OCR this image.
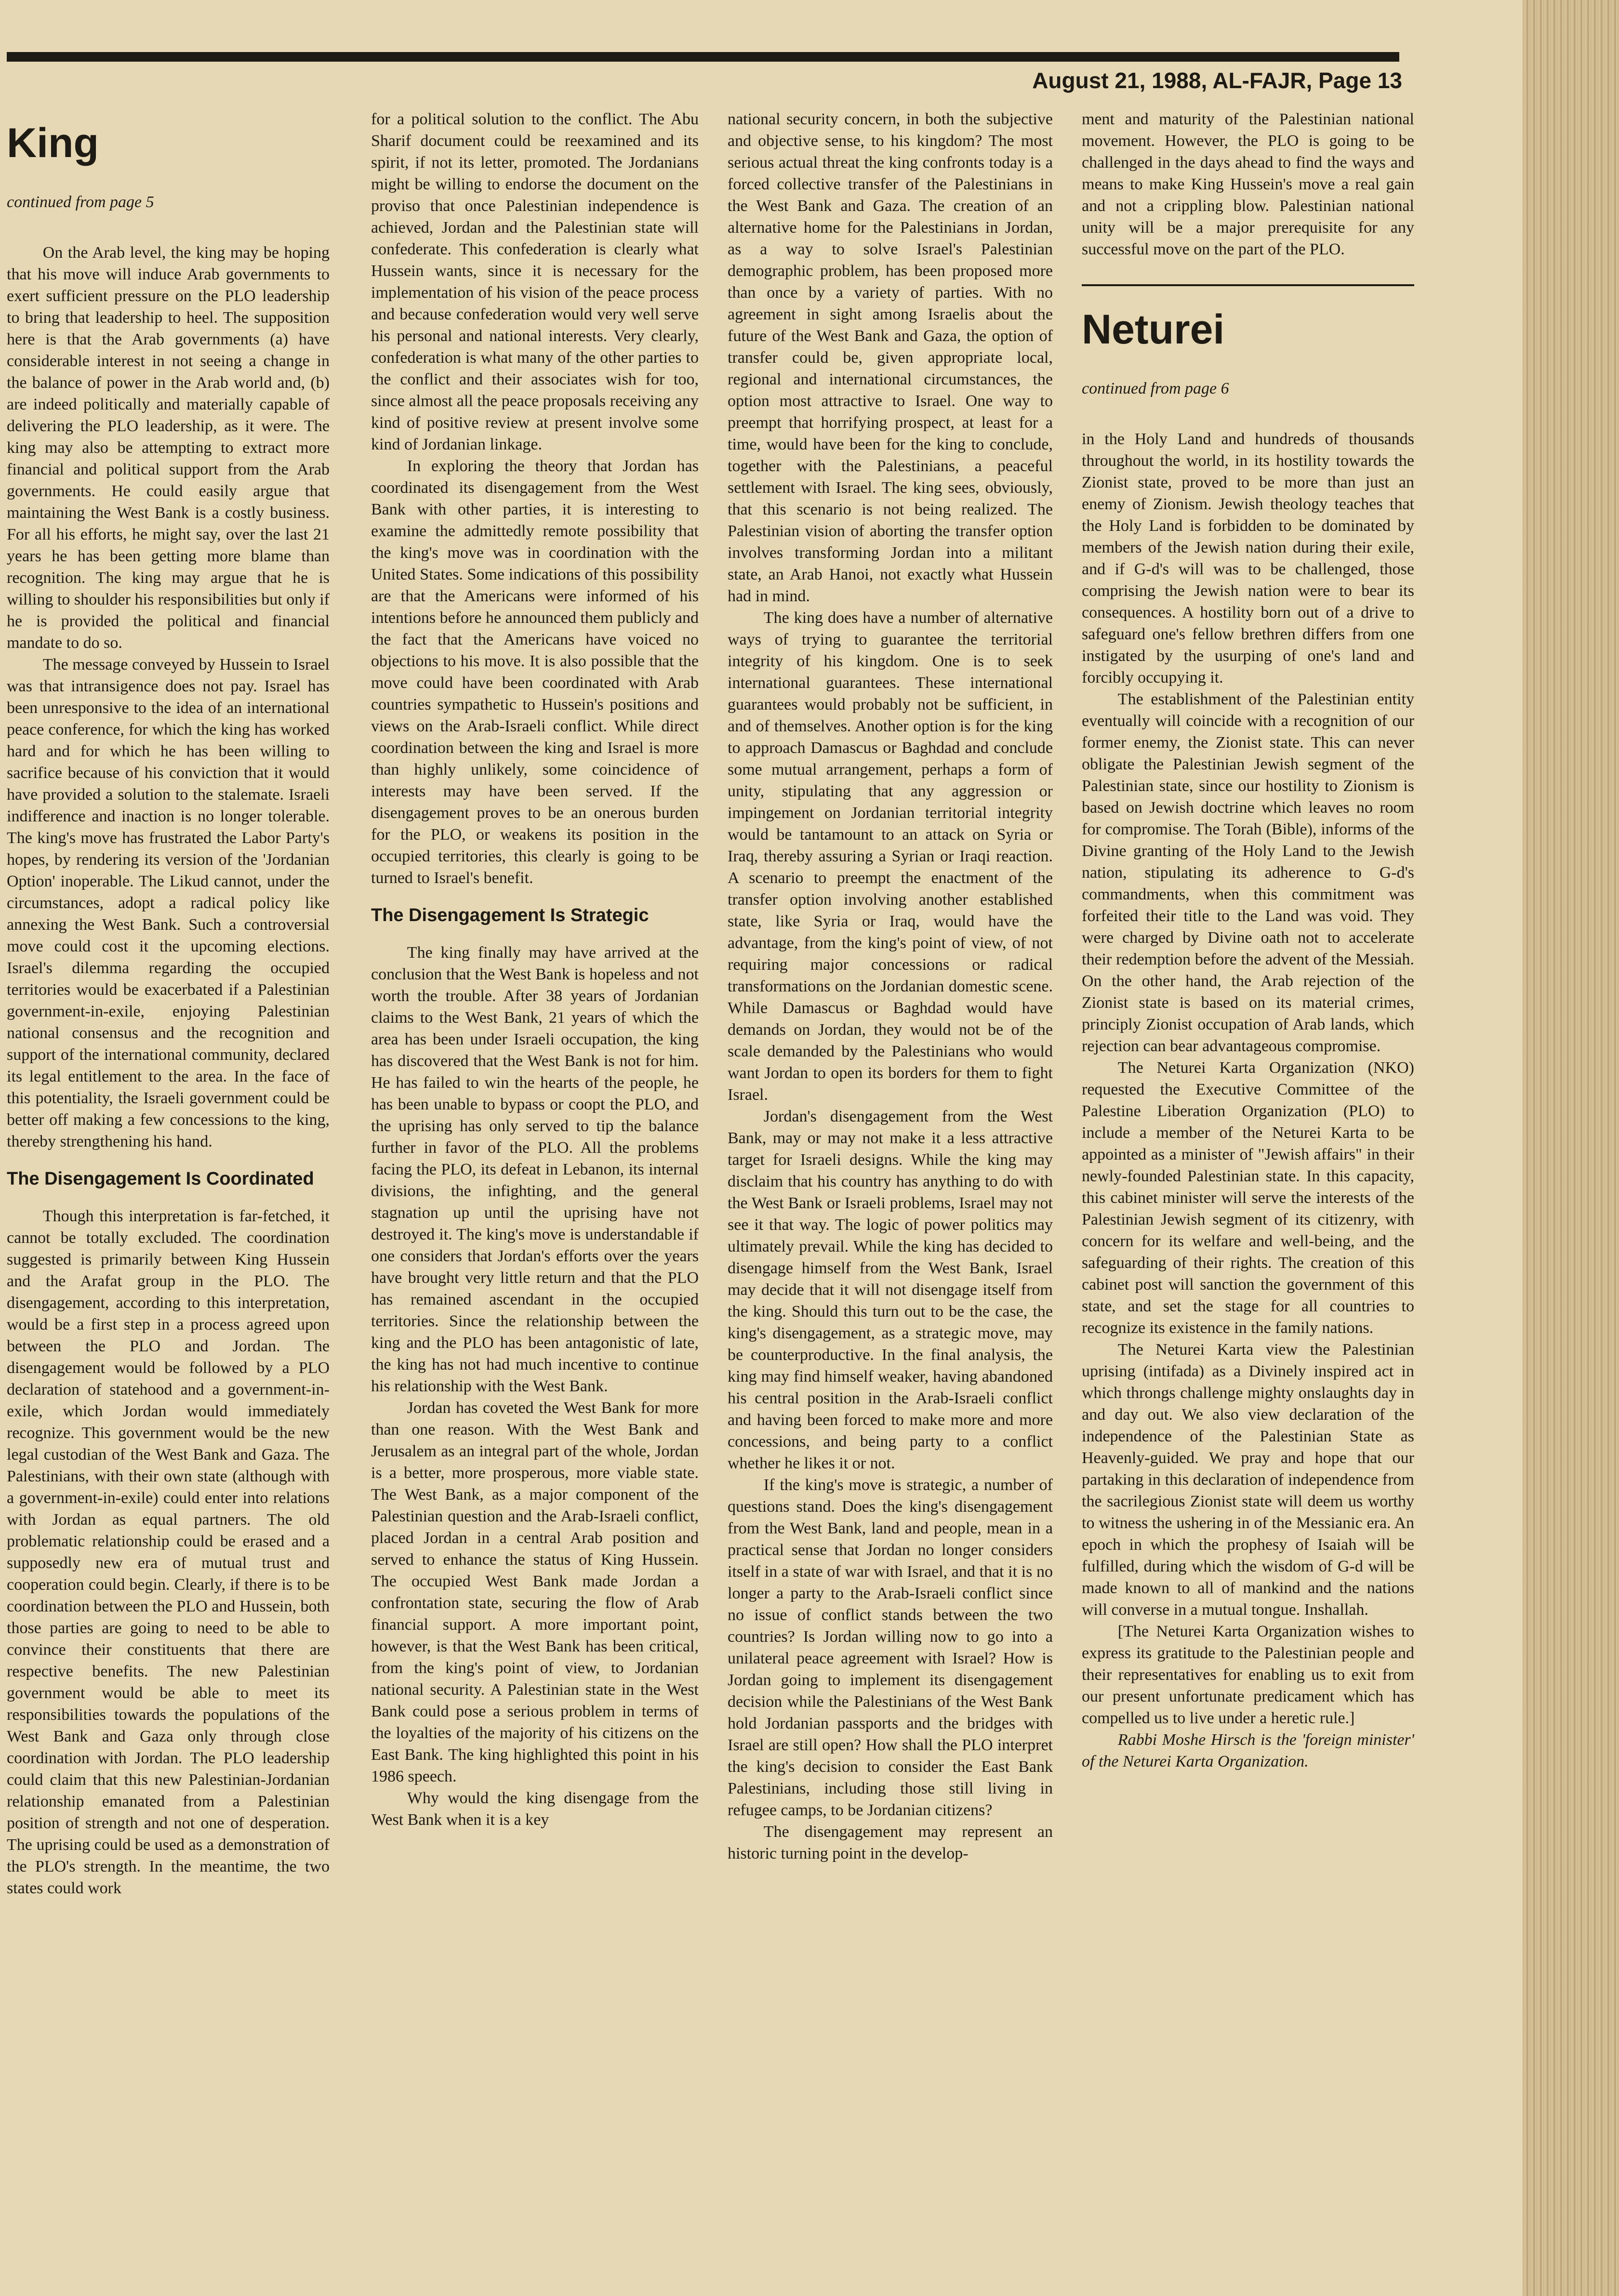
August 21, 1988, AL-FAJR, Page 13
King
continued from page 5

On the Arab level, the king may be hoping that his move will induce Arab governments to exert sufficient pressure on the PLO leadership to bring that leadership to heel. The supposition here is that the Arab governments (a) have considerable interest in not seeing a change in the balance of power in the Arab world and, (b) are indeed politically and materially capable of delivering the PLO leadership, as it were. The king may also be attempting to extract more financial and political support from the Arab governments. He could easily argue that maintaining the West Bank is a costly business. For all his efforts, he might say, over the last 21 years he has been getting more blame than recognition. The king may argue that he is willing to shoulder his responsibilities but only if he is provided the political and financial mandate to do so.

The message conveyed by Hussein to Israel was that intransigence does not pay. Israel has been unresponsive to the idea of an international peace conference, for which the king has worked hard and for which he has been willing to sacrifice because of his conviction that it would have provided a solution to the stalemate. Israeli indifference and inaction is no longer tolerable. The king's move has frustrated the Labor Party's hopes, by rendering its version of the 'Jordanian Option' inoperable. The Likud cannot, under the circumstances, adopt a radical policy like annexing the West Bank. Such a controversial move could cost it the upcoming elections. Israel's dilemma regarding the occupied territories would be exacerbated if a Palestinian government-in-exile, enjoying Palestinian national consensus and the recognition and support of the international community, declared its legal entitlement to the area. In the face of this potentiality, the Israeli government could be better off making a few concessions to the king, thereby strengthening his hand.

The Disengagement Is Coordinated

Though this interpretation is far-fetched, it cannot be totally excluded. The coordination suggested is primarily between King Hussein and the Arafat group in the PLO. The disengagement, according to this interpretation, would be a first step in a process agreed upon between the PLO and Jordan. The disengagement would be followed by a PLO declaration of statehood and a government-in-exile, which Jordan would immediately recognize. This government would be the new legal custodian of the West Bank and Gaza. The Palestinians, with their own state (although with a government-in-exile) could enter into relations with Jordan as equal partners. The old problematic relationship could be erased and a supposedly new era of mutual trust and cooperation could begin. Clearly, if there is to be coordination between the PLO and Hussein, both those parties are going to need to be able to convince their constituents that there are respective benefits. The new Palestinian government would be able to meet its responsibilities towards the populations of the West Bank and Gaza only through close coordination with Jordan. The PLO leadership could claim that this new Palestinian-Jordanian relationship emanated from a Palestinian position of strength and not one of desperation. The uprising could be used as a demonstration of the PLO's strength. In the meantime, the two states could work

for a political solution to the conflict. The Abu Sharif document could be reexamined and its spirit, if not its letter, promoted. The Jordanians might be willing to endorse the document on the proviso that once Palestinian independence is achieved, Jordan and the Palestinian state will confederate. This confederation is clearly what Hussein wants, since it is necessary for the implementation of his vision of the peace process and because confederation would very well serve his personal and national interests. Very clearly, confederation is what many of the other parties to the conflict and their associates wish for too, since almost all the peace proposals receiving any kind of positive review at present involve some kind of Jordanian linkage.

In exploring the theory that Jordan has coordinated its disengagement from the West Bank with other parties, it is interesting to examine the admittedly remote possibility that the king's move was in coordination with the United States. Some indications of this possibility are that the Americans were informed of his intentions before he announced them publicly and the fact that the Americans have voiced no objections to his move. It is also possible that the move could have been coordinated with Arab countries sympathetic to Hussein's positions and views on the Arab-Israeli conflict. While direct coordination between the king and Israel is more than highly unlikely, some coincidence of interests may have been served. If the disengagement proves to be an onerous burden for the PLO, or weakens its position in the occupied territories, this clearly is going to be turned to Israel's benefit.

The Disengagement Is Strategic

The king finally may have arrived at the conclusion that the West Bank is hopeless and not worth the trouble. After 38 years of Jordanian claims to the West Bank, 21 years of which the area has been under Israeli occupation, the king has discovered that the West Bank is not for him. He has failed to win the hearts of the people, he has been unable to bypass or coopt the PLO, and the uprising has only served to tip the balance further in favor of the PLO. All the problems facing the PLO, its defeat in Lebanon, its internal divisions, the infighting, and the general stagnation up until the uprising have not destroyed it. The king's move is understandable if one considers that Jordan's efforts over the years have brought very little return and that the PLO has remained ascendant in the occupied territories. Since the relationship between the king and the PLO has been antagonistic of late, the king has not had much incentive to continue his relationship with the West Bank.

Jordan has coveted the West Bank for more than one reason. With the West Bank and Jerusalem as an integral part of the whole, Jordan is a better, more prosperous, more viable state. The West Bank, as a major component of the Palestinian question and the Arab-Israeli conflict, placed Jordan in a central Arab position and served to enhance the status of King Hussein. The occupied West Bank made Jordan a confrontation state, securing the flow of Arab financial support. A more important point, however, is that the West Bank has been critical, from the king's point of view, to Jordanian national security. A Palestinian state in the West Bank could pose a serious problem in terms of the loyalties of the majority of his citizens on the East Bank. The king highlighted this point in his 1986 speech.

Why would the king disengage from the West Bank when it is a key

national security concern, in both the subjective and objective sense, to his kingdom? The most serious actual threat the king confronts today is a forced collective transfer of the Palestinians in the West Bank and Gaza. The creation of an alternative home for the Palestinians in Jordan, as a way to solve Israel's Palestinian demographic problem, has been proposed more than once by a variety of parties. With no agreement in sight among Israelis about the future of the West Bank and Gaza, the option of transfer could be, given appropriate local, regional and international circumstances, the option most attractive to Israel. One way to preempt that horrifying prospect, at least for a time, would have been for the king to conclude, together with the Palestinians, a peaceful settlement with Israel. The king sees, obviously, that this scenario is not being realized. The Palestinian vision of aborting the transfer option involves transforming Jordan into a militant state, an Arab Hanoi, not exactly what Hussein had in mind.

The king does have a number of alternative ways of trying to guarantee the territorial integrity of his kingdom. One is to seek international guarantees. These international guarantees would probably not be sufficient, in and of themselves. Another option is for the king to approach Damascus or Baghdad and conclude some mutual arrangement, perhaps a form of unity, stipulating that any aggression or impingement on Jordanian territorial integrity would be tantamount to an attack on Syria or Iraq, thereby assuring a Syrian or Iraqi reaction. A scenario to preempt the enactment of the transfer option involving another established state, like Syria or Iraq, would have the advantage, from the king's point of view, of not requiring major concessions or radical transformations on the Jordanian domestic scene. While Damascus or Baghdad would have demands on Jordan, they would not be of the scale demanded by the Palestinians who would want Jordan to open its borders for them to fight Israel.

Jordan's disengagement from the West Bank, may or may not make it a less attractive target for Israeli designs. While the king may disclaim that his country has anything to do with the West Bank or Israeli problems, Israel may not see it that way. The logic of power politics may ultimately prevail. While the king has decided to disengage himself from the West Bank, Israel may decide that it will not disengage itself from the king. Should this turn out to be the case, the king's disengagement, as a strategic move, may be counterproductive. In the final analysis, the king may find himself weaker, having abandoned his central position in the Arab-Israeli conflict and having been forced to make more and more concessions, and being party to a conflict whether he likes it or not.

If the king's move is strategic, a number of questions stand. Does the king's disengagement from the West Bank, land and people, mean in a practical sense that Jordan no longer considers itself in a state of war with Israel, and that it is no longer a party to the Arab-Israeli conflict since no issue of conflict stands between the two countries? Is Jordan willing now to go into a unilateral peace agreement with Israel? How is Jordan going to implement its disengagement decision while the Palestinians of the West Bank hold Jordanian passports and the bridges with Israel are still open? How shall the PLO interpret the king's decision to consider the East Bank Palestinians, including those still living in refugee camps, to be Jordanian citizens?

The disengagement may represent an historic turning point in the develop-

ment and maturity of the Palestinian national movement. However, the PLO is going to be challenged in the days ahead to find the ways and means to make King Hussein's move a real gain and not a crippling blow. Palestinian national unity will be a major prerequisite for any successful move on the part of the PLO.

Neturei
continued from page 6

in the Holy Land and hundreds of thousands throughout the world, in its hostility towards the Zionist state, proved to be more than just an enemy of Zionism. Jewish theology teaches that the Holy Land is forbidden to be dominated by members of the Jewish nation during their exile, and if G-d's will was to be challenged, those comprising the Jewish nation were to bear its consequences. A hostility born out of a drive to safeguard one's fellow brethren differs from one instigated by the usurping of one's land and forcibly occupying it.

The establishment of the Palestinian entity eventually will coincide with a recognition of our former enemy, the Zionist state. This can never obligate the Palestinian Jewish segment of the Palestinian state, since our hostility to Zionism is based on Jewish doctrine which leaves no room for compromise. The Torah (Bible), informs of the Divine granting of the Holy Land to the Jewish nation, stipulating its adherence to G-d's commandments, when this commitment was forfeited their title to the Land was void. They were charged by Divine oath not to accelerate their redemption before the advent of the Messiah. On the other hand, the Arab rejection of the Zionist state is based on its material crimes, principly Zionist occupation of Arab lands, which rejection can bear advantageous compromise.

The Neturei Karta Organization (NKO) requested the Executive Committee of the Palestine Liberation Organization (PLO) to include a member of the Neturei Karta to be appointed as a minister of "Jewish affairs" in their newly-founded Palestinian state. In this capacity, this cabinet minister will serve the interests of the Palestinian Jewish segment of its citizenry, with concern for its welfare and well-being, and the safeguarding of their rights. The creation of this cabinet post will sanction the government of this state, and set the stage for all countries to recognize its existence in the family nations.

The Neturei Karta view the Palestinian uprising (intifada) as a Divinely inspired act in which throngs challenge mighty onslaughts day in and day out. We also view declaration of the independence of the Palestinian State as Heavenly-guided. We pray and hope that our partaking in this declaration of independence from the sacrilegious Zionist state will deem us worthy to witness the ushering in of the Messianic era. An epoch in which the prophesy of Isaiah will be fulfilled, during which the wisdom of G-d will be made known to all of mankind and the nations will converse in a mutual tongue. Inshallah.

[The Neturei Karta Organization wishes to express its gratitude to the Palestinian people and their representatives for enabling us to exit from our present unfortunate predicament which has compelled us to live under a heretic rule.]

Rabbi Moshe Hirsch is the 'foreign minister' of the Neturei Karta Organization.
